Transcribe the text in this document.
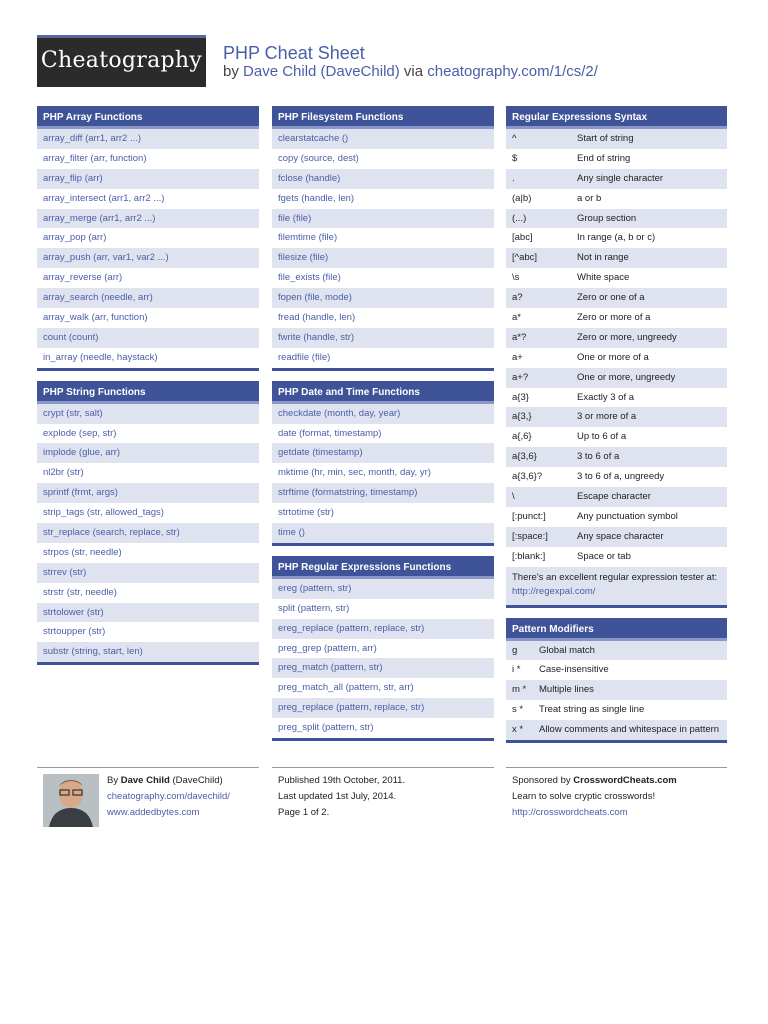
Cheatography PHP Cheat Sheet
by Dave Child (DaveChild) via cheatography.com/1/cs/2/
PHP Array Functions
array_diff (arr1, arr2 ...)
array_filter (arr, function)
array_flip (arr)
array_intersect (arr1, arr2 ...)
array_merge (arr1, arr2 ...)
array_pop (arr)
array_push (arr, var1, var2 ...)
array_reverse (arr)
array_search (needle, arr)
array_walk (arr, function)
count (count)
in_array (needle, haystack)
PHP String Functions
crypt (str, salt)
explode (sep, str)
implode (glue, arr)
nl2br (str)
sprintf (frmt, args)
strip_tags (str, allowed_tags)
str_replace (search, replace, str)
strpos (str, needle)
strrev (str)
strstr (str, needle)
strtolower (str)
strtoupper (str)
substr (string, start, len)
PHP Filesystem Functions
clearstatcache ()
copy (source, dest)
fclose (handle)
fgets (handle, len)
file (file)
filemtime (file)
filesize (file)
file_exists (file)
fopen (file, mode)
fread (handle, len)
fwrite (handle, str)
readfile (file)
PHP Date and Time Functions
checkdate (month, day, year)
date (format, timestamp)
getdate (timestamp)
mktime (hr, min, sec, month, day, yr)
strftime (formatstring, timestamp)
strtotime (str)
time ()
PHP Regular Expressions Functions
ereg (pattern, str)
split (pattern, str)
ereg_replace (pattern, replace, str)
preg_grep (pattern, arr)
preg_match (pattern, str)
preg_match_all (pattern, str, arr)
preg_replace (pattern, replace, str)
preg_split (pattern, str)
Regular Expressions Syntax
^	Start of string
$	End of string
.	Any single character
(a|b)	a or b
(...)	Group section
[abc]	In range (a, b or c)
[^abc]	Not in range
\s	White space
a?	Zero or one of a
a*	Zero or more of a
a*?	Zero or more, ungreedy
a+	One or more of a
a+?	One or more, ungreedy
a{3}	Exactly 3 of a
a{3,}	3 or more of a
a{,6}	Up to 6 of a
a{3,6}	3 to 6 of a
a{3,6}?	3 to 6 of a, ungreedy
\	Escape character
[:punct:]	Any punctuation symbol
[:space:]	Any space character
[:blank:]	Space or tab
There's an excellent regular expression tester at: http://regexpal.com/
Pattern Modifiers
g	Global match
i *	Case-insensitive
m *	Multiple lines
s *	Treat string as single line
x *	Allow comments and whitespace in pattern
By Dave Child (DaveChild)
cheatography.com/davechild/
www.addedbytes.com
Published 19th October, 2011.
Last updated 1st July, 2014.
Page 1 of 2.
Sponsored by CrosswordCheats.com
Learn to solve cryptic crosswords!
http://crosswordcheats.com
